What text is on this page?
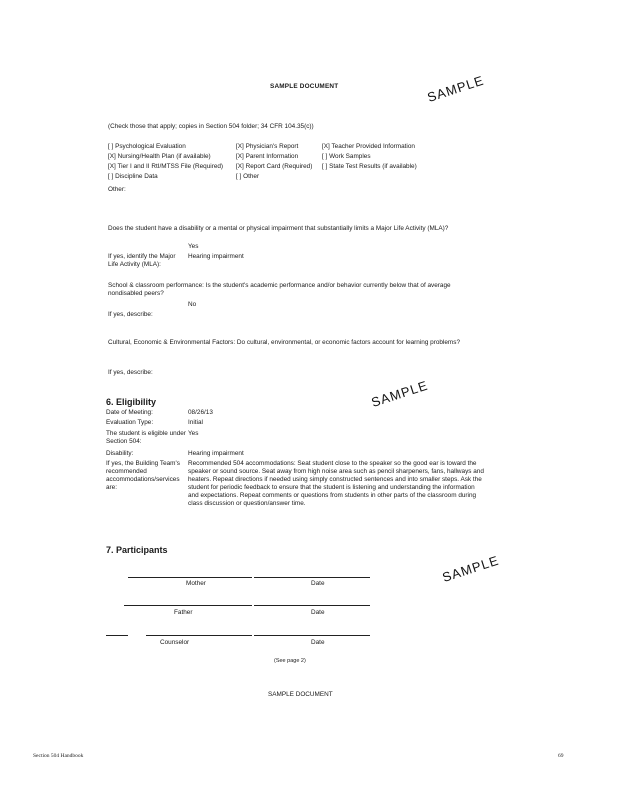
SAMPLE DOCUMENT	SAMPLE
SAMPLE
SAMPLE
(Check those that apply; copies in Section 504 folder; 34 CFR 104.35(c))
[ ] Psychological Evaluation	[X] Physician's Report	[X] Teacher Provided Information
[X] Nursing/Health Plan (if available)	[X] Parent Information	[ ] Work Samples
[X] Tier I and II RtI/MTSS File (Required) [X] Report Card (Required) [ ] State Test Results (if available)
[ ] Discipline Data	[ ] Other
Other:
Does the student have a disability or a mental or physical impairment that substantially limits a Major Life Activity (MLA)?
Yes
If yes, identify the Major Life Activity (MLA):
Hearing impairment
School & classroom performance: Is the student's academic performance and/or behavior currently below that of average nondisabled peers?
No
If yes, describe:
Cultural, Economic & Environmental Factors: Do cultural, environmental, or economic factors account for learning problems?
If yes, describe:
6. Eligibility
Date of Meeting:	08/26/13
Evaluation Type:	Initial
The student is eligible under Section 504:
Yes
Disability:	Hearing impairment
If yes, the Building Team's recommended accommodations/services are:
Recommended 504 accommodations: Seat student close to the speaker so the good ear is toward the speaker or sound source. Seat away from high noise area such as pencil sharpeners, fans, hallways and heaters. Repeat directions if needed using simply constructed sentences and into smaller steps. Ask the student for periodic feedback to ensure that the student is listening and understanding the information and expectations. Repeat comments or questions from students in other parts of the classroom during class discussion or question/answer time.
7. Participants
Mother	Date
Father	Date
Counselor	Date
(See page 2)
SAMPLE DOCUMENT
Section 504 Handbook	69
